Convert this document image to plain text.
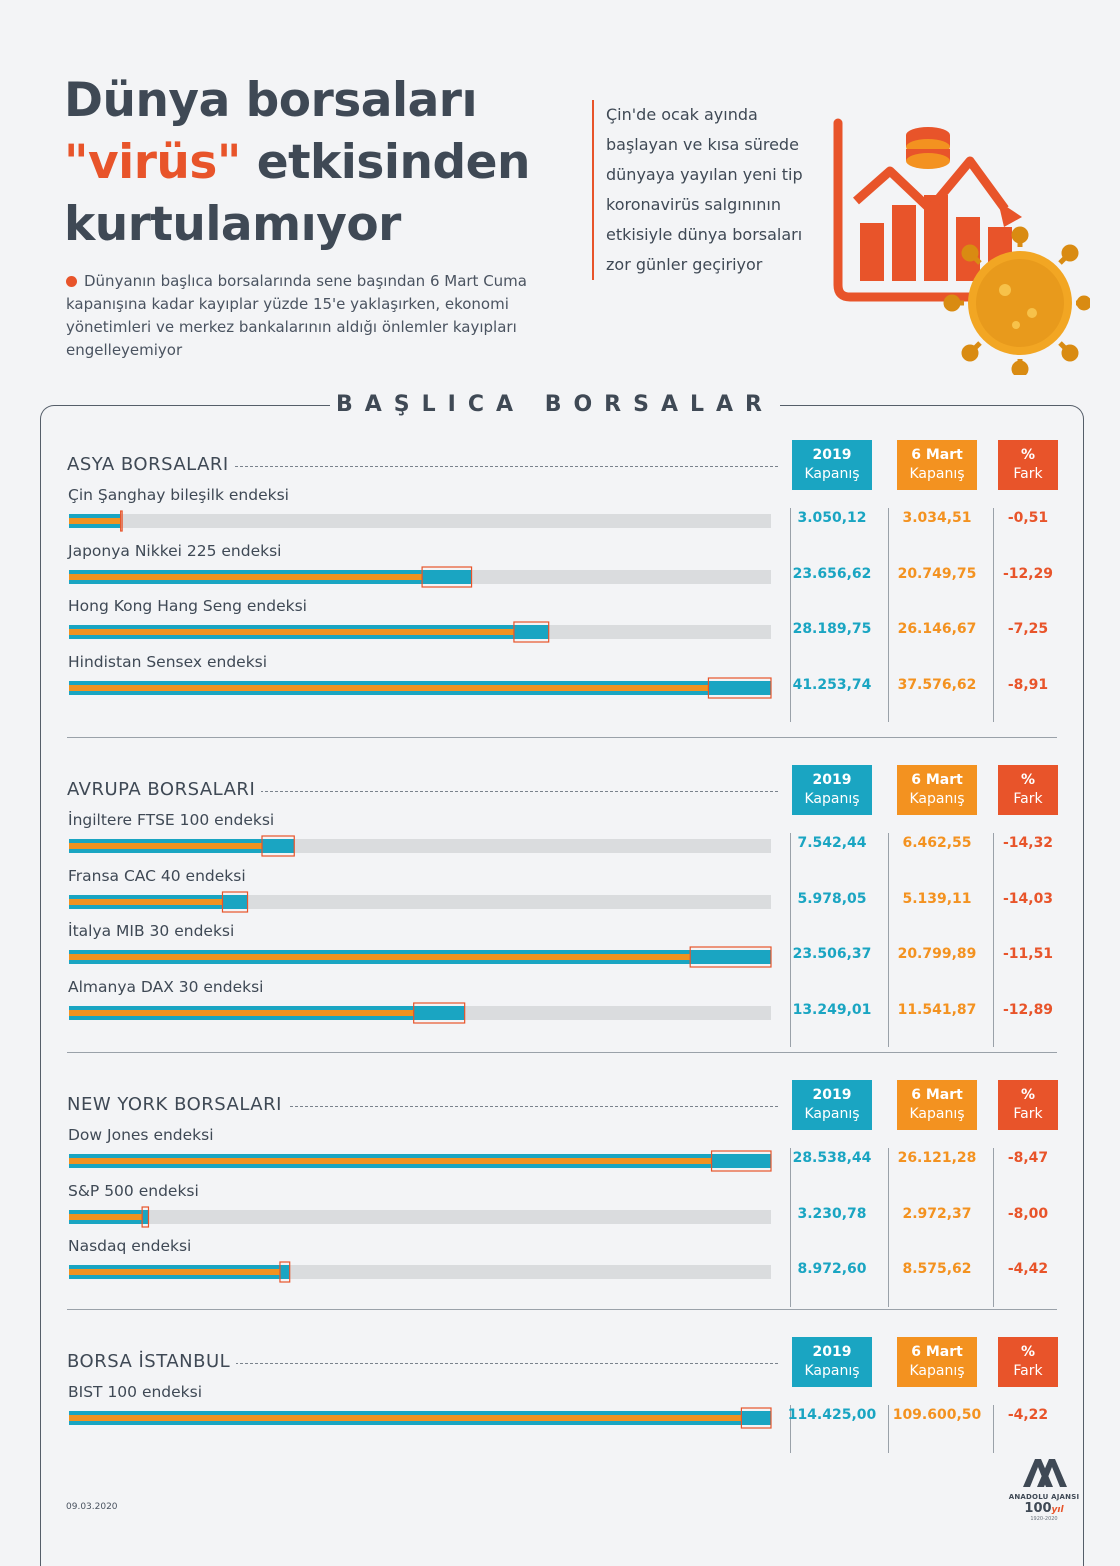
Dünya borsaları
"virüs" etkisinden
kurtulamıyor
Dünyanın başlıca borsalarında sene başından 6 Mart Cuma kapanışına kadar kayıplar yüzde 15'e yaklaşırken, ekonomi yönetimleri ve merkez bankalarının aldığı önlemler kayıpları engelleyemiyor
Çin'de ocak ayında başlayan ve kısa sürede dünyaya yayılan yeni tip koronavirüs salgınının etkisiyle dünya borsaları zor günler geçiriyor
BAŞLICA BORSALAR
ASYA BORSALARI	2019
Kapanış
6 Mart
Kapanış
%
Fark
Çin Şanghay bileşilk endeksi
3.050,12	3.034,51	-0,51
Japonya Nikkei 225 endeksi
23.656,62	20.749,75	-12,29
Hong Kong Hang Seng endeksi
28.189,75	26.146,67	-7,25
Hindistan Sensex endeksi
41.253,74	37.576,62	-8,91
AVRUPA BORSALARI	2019
Kapanış
6 Mart
Kapanış
%
Fark
İngiltere FTSE 100 endeksi
7.542,44	6.462,55	-14,32
Fransa CAC 40 endeksi
5.978,05	5.139,11	-14,03
İtalya MIB 30 endeksi
23.506,37	20.799,89	-11,51
Almanya DAX 30 endeksi
13.249,01	11.541,87	-12,89
NEW YORK BORSALARI	2019
Kapanış
6 Mart
Kapanış
%
Fark
Dow Jones endeksi
28.538,44	26.121,28	-8,47
S&P 500 endeksi
3.230,78	2.972,37	-8,00
Nasdaq endeksi
8.972,60	8.575,62	-4,42
BORSA İSTANBUL	2019
Kapanış
6 Mart
Kapanış
%
Fark
BIST 100 endeksi
114.425,00	109.600,50	-4,22
09.03.2020
ANADOLU AJANSI
100yıl
1920-2020
